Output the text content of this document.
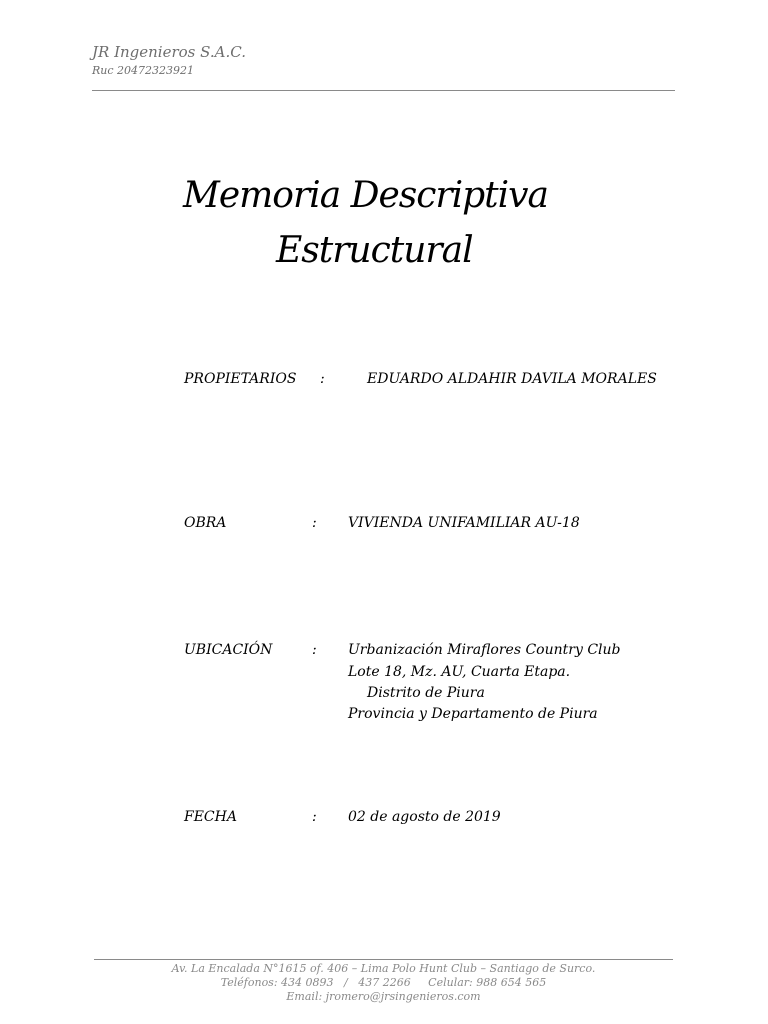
JR Ingenieros S.A.C.
Ruc 20472323921
Memoria Descriptiva
Estructural
PROPIETARIOS :	EDUARDO ALDAHIR DAVILA MORALES
OBRA	: VIVIENDA UNIFAMILIAR AU-18
UBICACIÓN	: Urbanización Miraflores Country Club
Lote 18, Mz. AU, Cuarta Etapa.
Distrito de Piura
Provincia y Departamento de Piura
FECHA	: 02 de agosto de 2019
Av. La Encalada N°1615 of. 406 – Lima Polo Hunt Club – Santiago de Surco.
Teléfonos: 434 0893   /   437 2266     Celular: 988 654 565
Email: jromero@jrsingenieros.com
